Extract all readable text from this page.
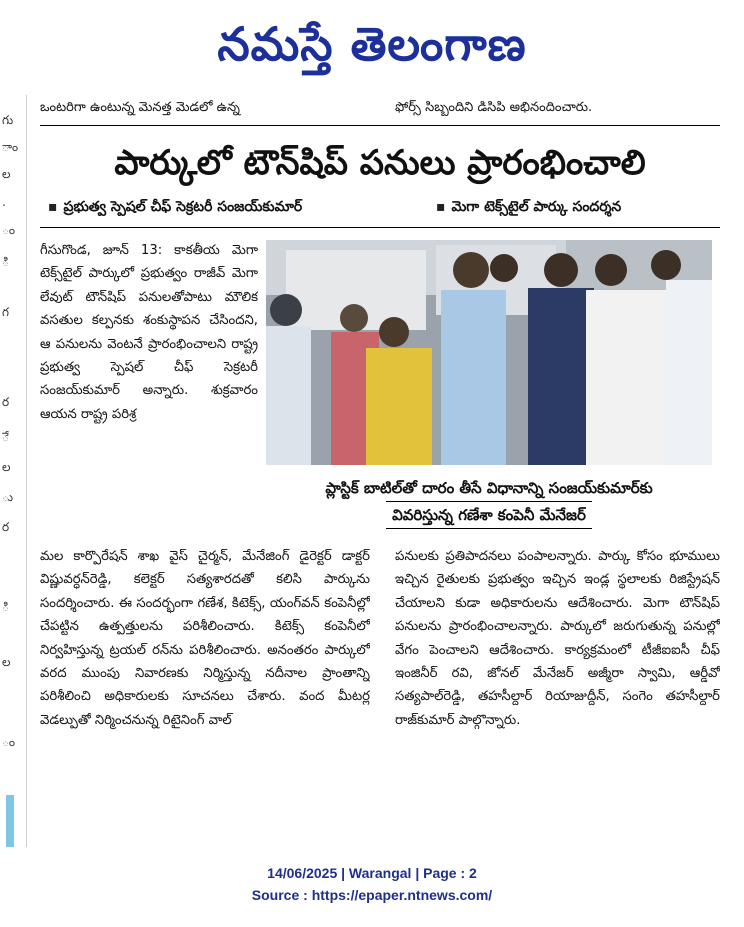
నమస్తే తెలంగాణ
గు
ాం
ల
.
ం
ి
గ
ర
ే
ల
ు
ర
ి
ల
ం
ఒంటరిగా ఉంటున్న మెనత్త మెడలో ఉన్న	ఫోర్స్ సిబ్బందిని డిసిపి అభినందించారు.
పార్కులో టౌన్‌షిప్ పనులు ప్రారంభించాలి
▪ ప్రభుత్వ స్పెషల్ చీఫ్ సెక్రటరీ సంజయ్‌కుమార్	▪ మెగా టెక్స్‌టైల్ పార్కు సందర్శన
ప్లాస్టిక్ బాటిల్‌తో దారం తీసే విధానాన్ని సంజయ్‌కుమార్‌కు
వివరిస్తున్న గణేశా కంపెనీ మేనేజర్

గీసుగొండ, జూన్ 13: కాకతీయ మెగా టెక్స్‌టైల్ పార్కులో ప్రభుత్వం రాజీవ్ మెగా లేవుట్ టౌన్‌షిప్ పనులతోపాటు మౌలిక వసతుల కల్పనకు శంకుస్థాపన చేసిందని, ఆ పనులను వెంటనే ప్రారంభించాలని రాష్ట్ర ప్రభుత్వ స్పెషల్ చీఫ్ సెక్రటరీ సంజయ్‌కుమార్ అన్నారు. శుక్రవారం ఆయన రాష్ట్ర పరిశ్ర

మల కార్పొరేషన్ శాఖ వైస్ చైర్మన్, మేనేజింగ్ డైరెక్టర్ డాక్టర్ విష్ణువర్ధన్‌రెడ్డి, కలెక్టర్ సత్యశారదతో కలిసి పార్కును సందర్శించారు. ఈ సందర్భంగా గణేశ, కిటెక్స్, యంగ్‌వన్ కంపెనీల్లో చేపట్టిన ఉత్పత్తులను పరిశీలించారు. కిటెక్స్ కంపెనీలో నిర్వహిస్తున్న ట్రయల్ రన్‌ను పరిశీలించారు. అనంతరం పార్కులో వరద ముంపు నివారణకు నిర్మిస్తున్న నదీనాల ప్రాంతాన్ని పరిశీలించి అధికారులకు సూచనలు చేశారు. వంద మీటర్ల వెడల్పుతో నిర్మించనున్న రిటైనింగ్ వాల్

పనులకు ప్రతిపాదనలు పంపాలన్నారు. పార్కు కోసం భూములు ఇచ్చిన రైతులకు ప్రభుత్వం ఇచ్చిన ఇండ్ల స్థలాలకు రిజిస్ట్రేషన్ చేయాలని కుడా అధికారులను ఆదేశించారు. మెగా టౌన్‌షిప్ పనులను ప్రారంభించాలన్నారు. పార్కులో జరుగుతున్న పనుల్లో వేగం పెంచాలని ఆదేశించారు. కార్యక్రమంలో టీజీఐఐసీ చీఫ్ ఇంజినీర్ రవి, జోనల్ మేనేజర్ అజ్మీరా స్వామి, ఆర్డీవో సత్యపాల్‌రెడ్డి, తహసీల్దార్ రియాజుద్దీన్, సంగెం తహసీల్దార్ రాజ్‌కుమార్ పాల్గొన్నారు.

14/06/2025 | Warangal | Page : 2
Source : https://epaper.ntnews.com/
